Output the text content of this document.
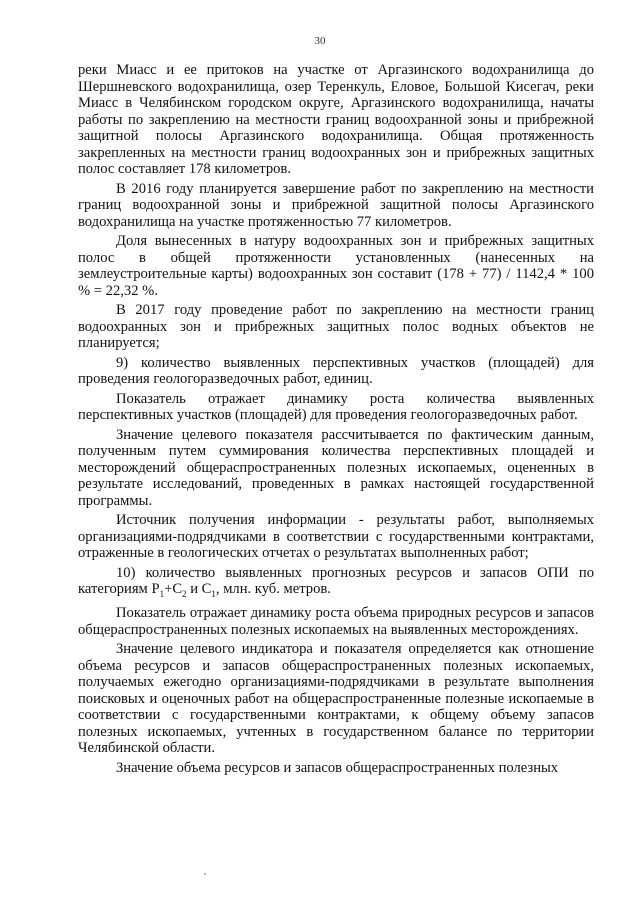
30

реки Миасс и ее притоков на участке от Аргазинского водохранилища до Шершневского водохранилища, озер Теренкуль, Еловое, Большой Кисегач, реки Миасс в Челябинском городском округе, Аргазинского водохранилища, начаты работы по закреплению на местности границ водоохранной зоны и прибрежной защитной полосы Аргазинского водохранилища. Общая протяженность закрепленных на местности границ водоохранных зон и прибрежных защитных полос составляет 178 километров.

В 2016 году планируется завершение работ по закреплению на местности границ водоохранной зоны и прибрежной защитной полосы Аргазинского водохранилища на участке протяженностью 77 километров.

Доля вынесенных в натуру водоохранных зон и прибрежных защитных полос в общей протяженности установленных (нанесенных на землеустроительные карты) водоохранных зон составит (178 + 77) / 1142,4 * 100 % = 22,32 %.

В 2017 году проведение работ по закреплению на местности границ водоохранных зон и прибрежных защитных полос водных объектов не планируется;

9) количество выявленных перспективных участков (площадей) для проведения геологоразведочных работ, единиц.

Показатель отражает динамику роста количества выявленных перспективных участков (площадей) для проведения геологоразведочных работ.

Значение целевого показателя рассчитывается по фактическим данным, полученным путем суммирования количества перспективных площадей и месторождений общераспространенных полезных ископаемых, оцененных в результате исследований, проведенных в рамках настоящей государственной программы.

Источник получения информации - результаты работ, выполняемых организациями-подрядчиками в соответствии с государственными контрактами, отраженные в геологических отчетах о результатах выполненных работ;

10) количество выявленных прогнозных ресурсов и запасов ОПИ по категориям $P_1+C_2$ и $C_1$, млн. куб. метров.

Показатель отражает динамику роста объема природных ресурсов и запасов общераспространенных полезных ископаемых на выявленных месторождениях.

Значение целевого индикатора и показателя определяется как отношение объема ресурсов и запасов общераспространенных полезных ископаемых, получаемых ежегодно организациями-подрядчиками в результате выполнения поисковых и оценочных работ на общераспространенные полезные ископаемые в соответствии с государственными контрактами, к общему объему запасов полезных ископаемых, учтенных в государственном балансе по территории Челябинской области.

Значение объема ресурсов и запасов общераспространенных полезных
